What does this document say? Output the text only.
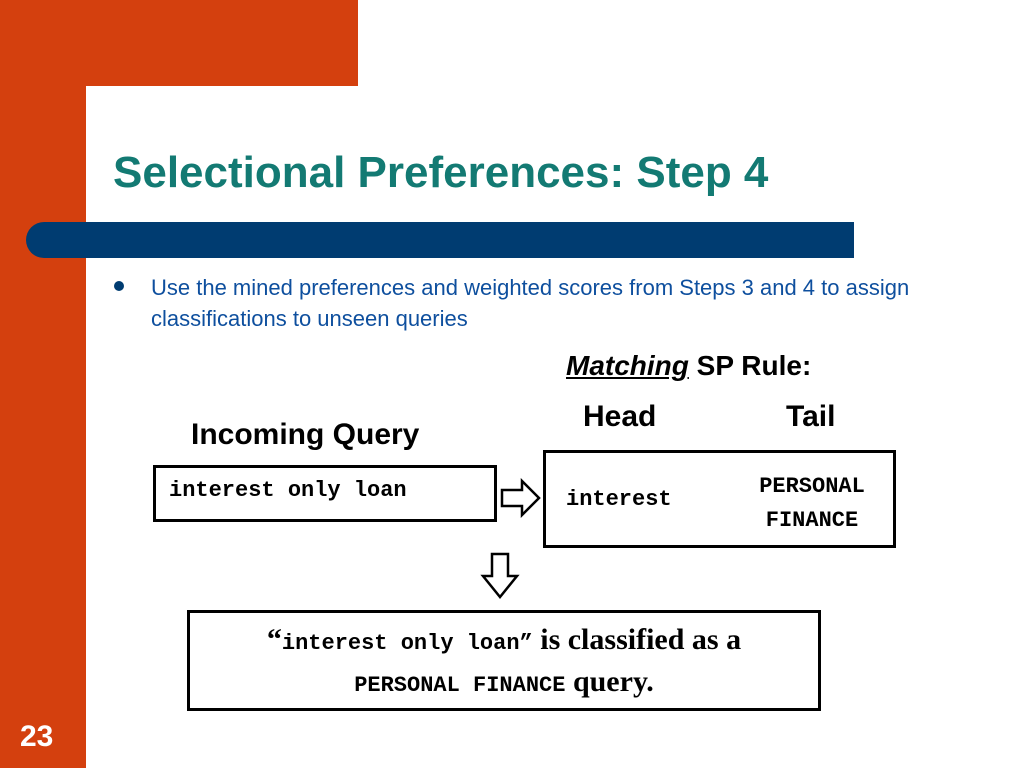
Selectional Preferences: Step 4
Use the mined preferences and weighted scores from Steps 3 and 4 to assign classifications to unseen queries
Matching SP Rule:
Head	Tail
Incoming Query
interest only loan	interest
PERSONAL
FINANCE
“interest only loan” is classified as a
PERSONAL FINANCE query.
23
